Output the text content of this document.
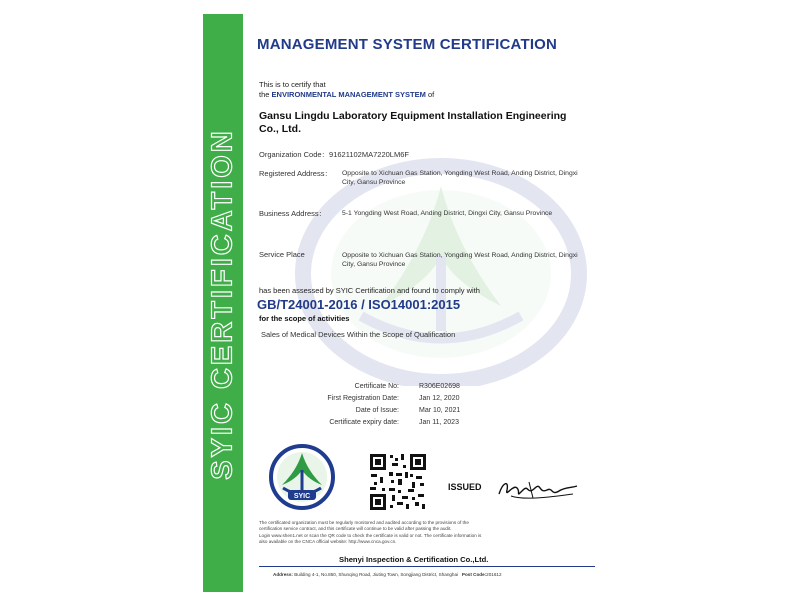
SYIC CERTIFICATION
MANAGEMENT SYSTEM CERTIFICATION
This is to certify that
the ENVIRONMENTAL MANAGEMENT SYSTEM of
Gansu Lingdu Laboratory Equipment Installation Engineering Co., Ltd.
Organization Code：91621102MA7220LM6F
Registered Address： Opposite to Xichuan Gas Station, Yongding West Road, Anding District, Dingxi City, Gansu Province
Business Address： 5-1 Yongding West Road, Anding District, Dingxi City, Gansu Province
Service Place	Opposite to Xichuan Gas Station, Yongding West Road, Anding District, Dingxi City, Gansu Province
has been assessed by SYIC Certification and found to comply with
GB/T24001-2016 / ISO14001:2015
for the scope of activities
Sales of Medical Devices Within the Scope of Qualification
Certificate No:	R306E02698
First Registration Date:	Jan 12, 2020
Date of Issue:	Mar 10, 2021
Certificate expiry date:	Jan 11, 2023
SYIC
ISSUED
The certificated organization must be regularly monitored and audited according to the provisions of the
certification service contract, and this certificate will continue to be valid after passing the audit.
Login www.shen1.net or scan the QR code to check the certificate is valid or not. The certificate information is
also available on the CNCA official website: http://www.cnca.gov.cn.
Shenyi Inspection & Certification Co.,Ltd.
Address: Building 4-1, No.850, Shunqing Road, Jiuting Town, Songjiang District, Shanghai Post Code:201612
